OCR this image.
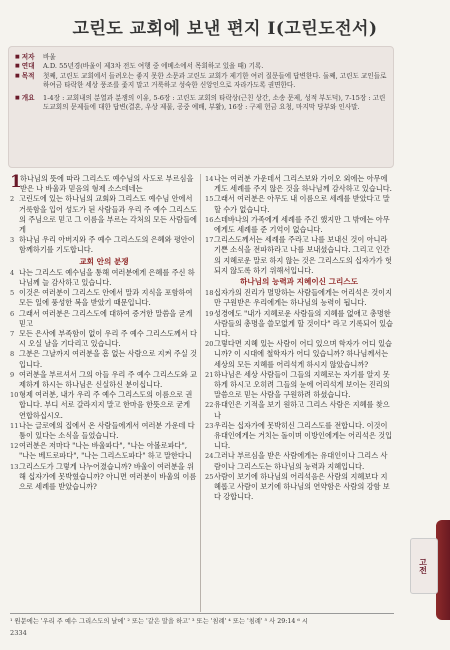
고린도 교회에 보낸 편지 Ⅰ(고린도전서)
■ 저자	바울
■ 연대	A.D. 55년경(바울이 제3차 전도 여행 중 에베소에서 목회하고 있을 때) 기록.
■ 목적	첫째, 고린도 교회에서 들려오는 좋지 못한 소문과 고린도 교회가 제기한 여러 질문들에 답변한다. 둘째, 고린도 교인들로 하여금 타락한 세상 풍조를 좇지 말고 거룩하고 성숙한 신앙인으로 자라가도록 권면한다.
■ 개요	1-4장 : 교회내의 분열과 분쟁의 이유, 5-6장 : 고린도 교회의 타락상(근친 상간, 소송 문제, 성적 부도덕), 7-15장 : 고린도교회의 문제들에 대한 답변(결혼, 우상 제물, 공중 예배, 부활), 16장 : 구제 헌금 요청, 마지막 당부와 인사말.
1
하나님의 뜻에 따라 그리스도 예수님의 사도로 부르심을 받은 나 바울과 믿음의 형제 소스데네는
2 고린도에 있는 하나님의 교회와 그리스도 예수님 안에서 거룩함을 입어 성도가 된 사람들과 우리 주 예수 그리스도의 주님으로 믿고 그 이름을 부르는 각처의 모든 사람들에게
3 하나님 우리 아버지와 주 예수 그리스도의 은혜와 평안이 함께하기를 기도합니다.
교회 안의 분쟁
4 나는 그리스도 예수님을 통해 여러분에게 은혜를 주신 하나님께 늘 감사하고 있습니다.
5 이것은 여러분이 그리스도 안에서 말과 지식을 포함하여 모든 일에 풍성한 복을 받았기 때문입니다.
6 그래서 여러분은 그리스도에 대하여 증거한 말씀을 굳게 믿고
7 모든 은사에 부족함이 없이 우리 주 예수 그리스도께서 다시 오실 날을 기다리고 있습니다.
8 그분은 그날까지 여러분을 흠 없는 사람으로 지켜 주실 것입니다.
9 여러분을 부르셔서 그의 아들 우리 주 예수 그리스도와 교제하게 하시는 하나님은 신실하신 분이십니다.
10 형제 여러분, 내가 우리 주 예수 그리스도의 이름으로 권합니다. 부디 서로 갈라지지 말고 한마음 한뜻으로 굳게 연합하십시오.
11 나는 글로에의 집에서 온 사람들에게서 여러분 가운데 다툼이 있다는 소식을 들었습니다.
12 여러분은 저마다 "나는 바울파다", "나는 아볼로파다", "나는 베드로파다", "나는 그리스도파다" 하고 말한다니
13 그리스도가 그렇게 나누어졌습니까? 바울이 여러분을 위해 십자가에 못박혔습니까? 아니면 여러분이 바울의 이름으로 세례를 받았습니까?
14 나는 여러분 가운데서 그리스보와 가이오 외에는 아무에게도 세례를 주지 않은 것을 하나님께 감사하고 있습니다.
15 그래서 여러분은 아무도 내 이름으로 세례를 받았다고 말할 수가 없습니다.
16 스데바나의 가족에게 세례를 주긴 했지만 그 밖에는 아무에게도 세례를 준 기억이 없습니다.
17 그리스도께서는 세례를 주라고 나를 보내신 것이 아니라 기쁜 소식을 전파하라고 나를 보내셨습니다. 그리고 인간의 지혜로운 말로 하지 않는 것은 그리스도의 십자가가 헛되지 않도록 하기 위해서입니다.
하나님의 능력과 지혜이신 그리스도
18 십자가의 진리가 멸망하는 사람들에게는 어리석은 것이지만 구원받은 우리에게는 하나님의 능력이 됩니다.
19 성경에도 "내가 지혜로운 사람들의 지혜를 없애고 총명한 사람들의 총명을 쓸모없게 할 것이다" 라고 기록되어 있습니다.
20 그렇다면 지혜 있는 사람이 어디 있으며 학자가 어디 있습니까? 이 시대에 철학자가 어디 있습니까? 하나님께서는 세상의 모든 지혜를 어리석게 하시지 않았습니까?
21 하나님은 세상 사람들이 그들의 지혜로는 자기를 알지 못하게 하시고 오히려 그들의 눈에 어리석게 보이는 진리의 말씀으로 믿는 사람을 구원하려 하셨습니다.
22 유대인은 기적을 보기 원하고 그리스 사람은 지혜를 찾으나
23 우리는 십자가에 못박히신 그리스도를 전합니다. 이것이 유대인에게는 거치는 돌이며 이방인에게는 어리석은 것입니다.
24 그러나 부르심을 받은 사람에게는 유대인이나 그리스 사람이나 그리스도는 하나님의 능력과 지혜입니다.
25 사람이 보기에 하나님의 어리석음은 사람의 지혜보다 지혜롭고 사람이 보기에 하나님의 연약함은 사람의 강함 보다 강합니다.
¹ 원문에는 '우리 주 예수 그리스도의 날에' ² 또는 '같은 말을 하고' ³ 또는 '침례' ⁴ 또는 '침례' ⁵ 사 29:14 ⁶ 시
2334
고전
